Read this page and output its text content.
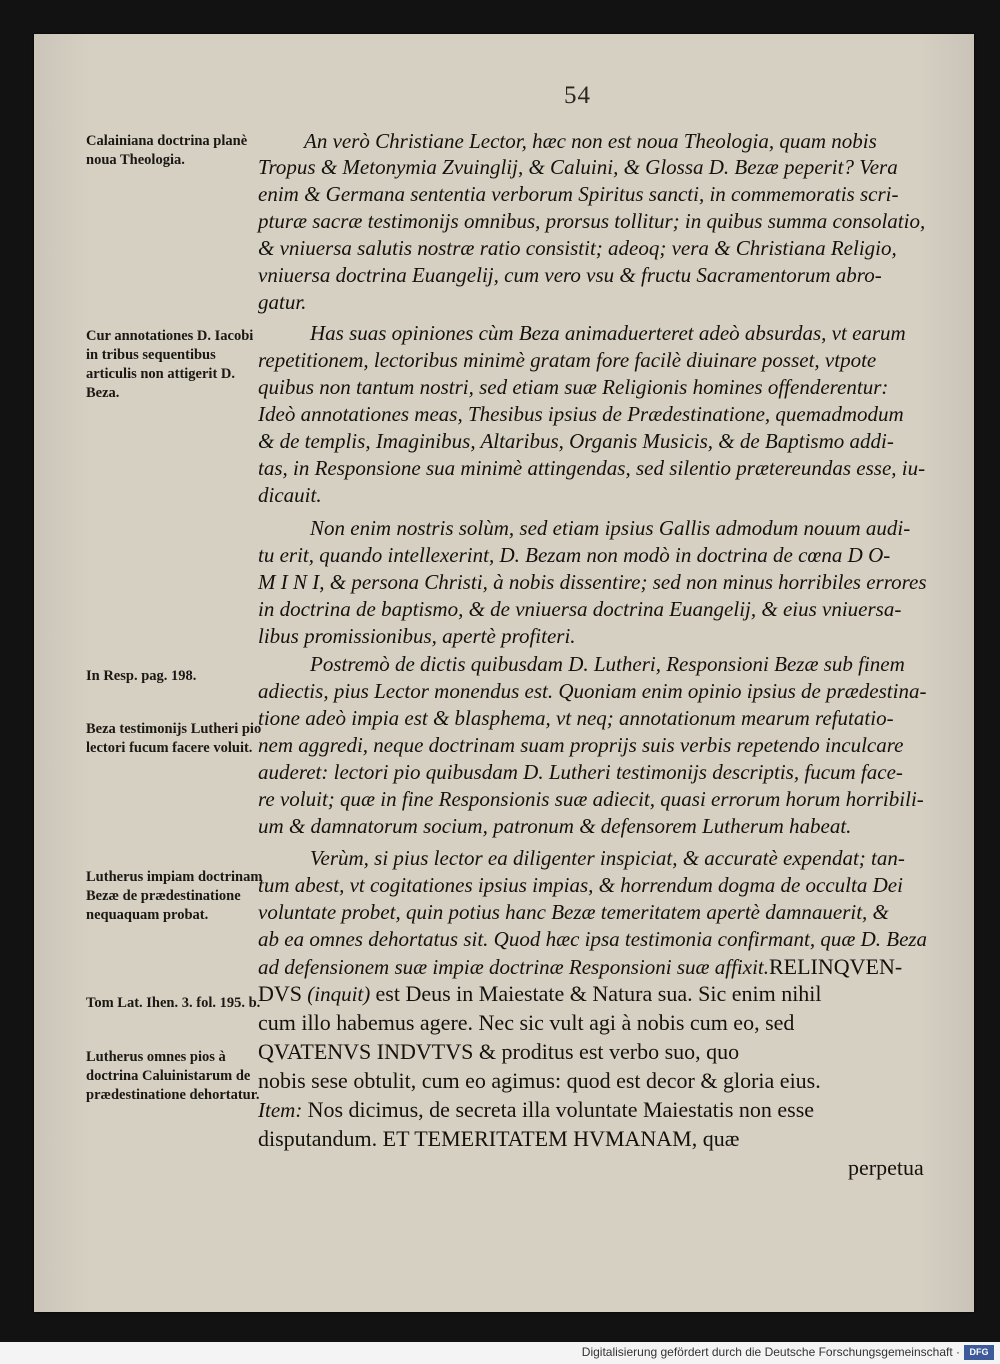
54
Calainiana doctrina planè noua Theologia.
Cur annotationes D. Iacobi in tribus sequentibus articulis non attigerit D. Beza.
In Resp. pag. 198.
Beza testimonijs Lutheri pio lectori fucum facere voluit.
Lutherus impiam doctrinam Bezæ de prædestinatione nequaquam probat.
Tom Lat. Ihen. 3. fol. 195. b.
Lutherus omnes pios à doctrina Caluinistarum de prædestinatione dehortatur.
An verò Christiane Lector, hæc non est noua Theologia, quam nobis
Tropus & Metonymia Zvuinglij, & Caluini, & Glossa D. Bezæ peperit? Vera
enim & Germana sententia verborum Spiritus sancti, in commemoratis scri-
pturæ sacræ testimonijs omnibus, prorsus tollitur; in quibus summa consolatio,
& vniuersa salutis nostræ ratio consistit; adeoq; vera & Christiana Religio,
vniuersa doctrina Euangelij, cum vero vsu & fructu Sacramentorum abro-
gatur.
Has suas opiniones cùm Beza animaduerteret adeò absurdas, vt earum
repetitionem, lectoribus minimè gratam fore facilè diuinare posset, vtpote
quibus non tantum nostri, sed etiam suæ Religionis homines offenderentur:
Ideò annotationes meas, Thesibus ipsius de Prædestinatione, quemadmodum
& de templis, Imaginibus, Altaribus, Organis Musicis, & de Baptismo addi-
tas, in Responsione sua minimè attingendas, sed silentio prætereundas esse, iu-
dicauit.
Non enim nostris solùm, sed etiam ipsius Gallis admodum nouum audi-
tu erit, quando intellexerint, D. Bezam non modò in doctrina de cœna D O-
M I N I, & persona Christi, à nobis dissentire; sed non minus horribiles errores
in doctrina de baptismo, & de vniuersa doctrina Euangelij, & eius vniuersa-
libus promissionibus, apertè profiteri.
Postremò de dictis quibusdam D. Lutheri, Responsioni Bezæ sub finem
adiectis, pius Lector monendus est. Quoniam enim opinio ipsius de prædestina-
tione adeò impia est & blasphema, vt neq; annotationum mearum refutatio-
nem aggredi, neque doctrinam suam proprijs suis verbis repetendo inculcare
auderet: lectori pio quibusdam D. Lutheri testimonijs descriptis, fucum face-
re voluit; quæ in fine Responsionis suæ adiecit, quasi errorum horum horribili-
um & damnatorum socium, patronum & defensorem Lutherum habeat.
Verùm, si pius lector ea diligenter inspiciat, & accuratè expendat; tan-
tum abest, vt cogitationes ipsius impias, & horrendum dogma de occulta Dei
voluntate probet, quin potius hanc Bezæ temeritatem apertè damnauerit, &
ab ea omnes dehortatus sit. Quod hæc ipsa testimonia confirmant, quæ D. Beza
ad defensionem suæ impiæ doctrinæ Responsioni suæ affixit.RELINQVEN-
DVS (inquit) est Deus in Maiestate & Natura sua. Sic enim nihil
cum illo habemus agere. Nec sic vult agi à nobis cum eo, sed
QVATENVS INDVTVS & proditus est verbo suo, quo
nobis sese obtulit, cum eo agimus: quod est decor & gloria eius.
Item: Nos dicimus, de secreta illa voluntate Maiestatis non esse
disputandum. ET TEMERITATEM HVMANAM, quæ
perpetua
Digitalisierung gefördert durch die Deutsche Forschungsgemeinschaft ·	DFG
